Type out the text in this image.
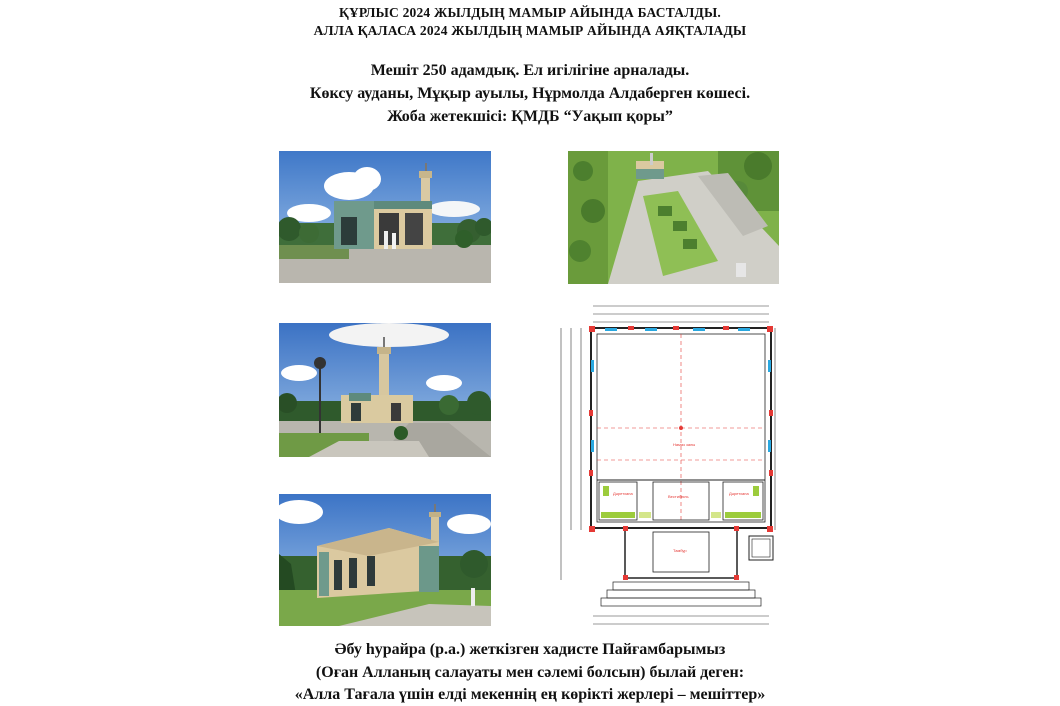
ҚҰРЛЫС 2024 ЖЫЛДЫҢ МАМЫР АЙЫНДА БАСТАЛДЫ.
АЛЛА ҚАЛАСА 2024 ЖЫЛДЫҢ МАМЫР АЙЫНДА АЯҚТАЛАДЫ
Мешіт 250 адамдық. Ел игілігіне арналады.
Көксу ауданы, Мұқыр ауылы, Нұрмолда Алдаберген көшесі.
Жоба жетекшісі: ҚМДБ “Уақып қоры”
Намаз залы
Дәретхана	Дәретхана
Вестибюль
Тамбур
Әбу һурайра (р.а.) жеткізген хадисте Пайғамбарымыз
(Оған Алланың салауаты мен сәлемі болсын) былай деген:
«Алла Тағала үшін елді мекеннің ең көрікті жерлері – мешіттер»
